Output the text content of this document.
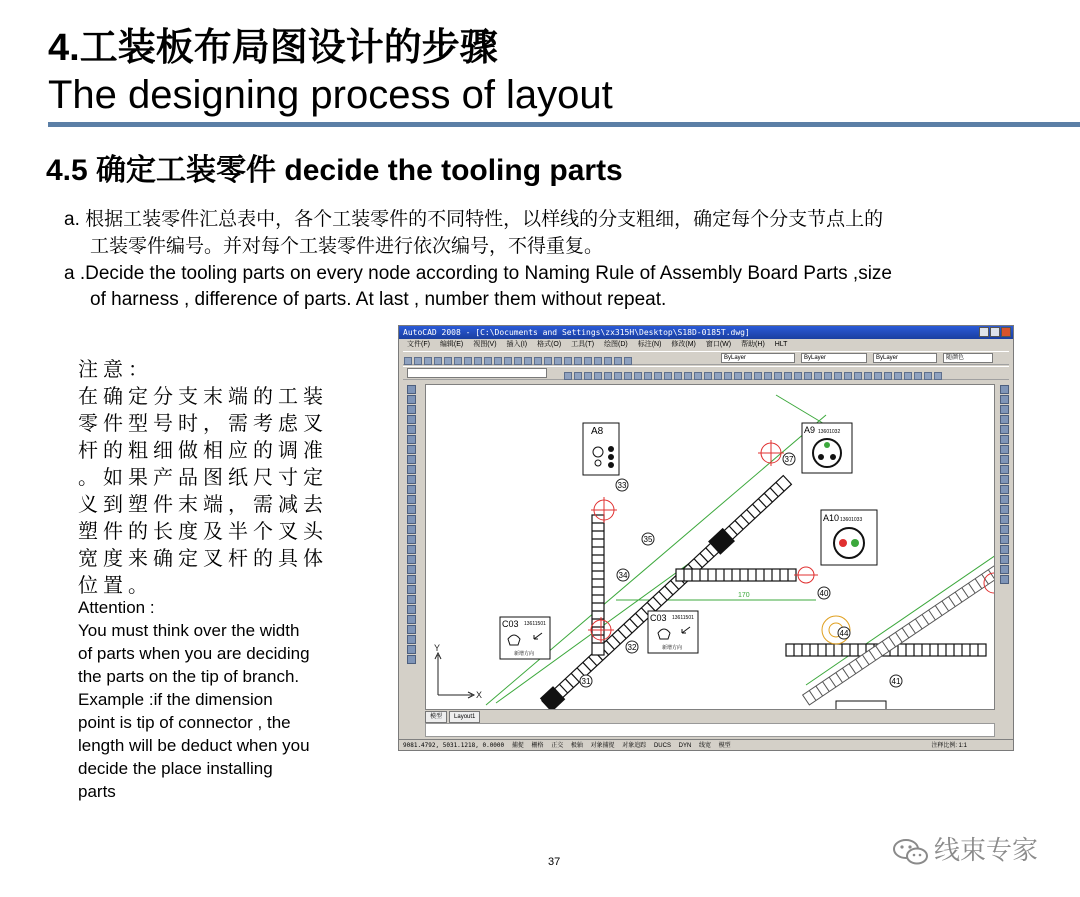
4.工装板布局图设计的步骤
The designing process of layout
4.5 确定工装零件 decide the tooling parts
a. 根据工装零件汇总表中，各个工装零件的不同特性，以样线的分支粗细，确定每个分支节点上的
工装零件编号。并对每个工装零件进行依次编号，不得重复。
a .Decide the tooling parts on every node according to Naming Rule of Assembly Board Parts ,size
of harness , difference of parts. At last , number them without repeat.
注意：
在确定分支末端的工装
零件型号时，需考虑叉
杆的粗细做相应的调准
。如果产品图纸尺寸定
义到塑件末端，需减去
塑件的长度及半个叉头
宽度来确定叉杆的具体
位置。
Attention :
You must think over the width
of parts when you are deciding
the parts on the tip of branch.
Example :if the dimension
point is tip of connector , the
length will be deduct when you
decide the place installing
parts
AutoCAD 2008 - [C:\Documents and Settings\zx315H\Desktop\S18D-0185T.dwg]
文件(F) 编辑(E) 视图(V) 插入(I) 格式(O) 工具(T) 绘图(D) 标注(N) 修改(M) 窗口(W) 帮助(H) HLT
ByLayer	ByLayer	ByLayer	随颜色
170
33
35
34
32
31
37
40
44
41
A8	A9 13601032
A10 13601033
C03 13611501
新增方向
C03 13611501
新增方向
Y
X
模型 Layout1
9081.4792, 5031.1218, 0.0000 捕捉 栅格 正交 极轴 对象捕捉 对象追踪 DUCS DYN 线宽 模型	注释比例: 1:1
37	线束专家
